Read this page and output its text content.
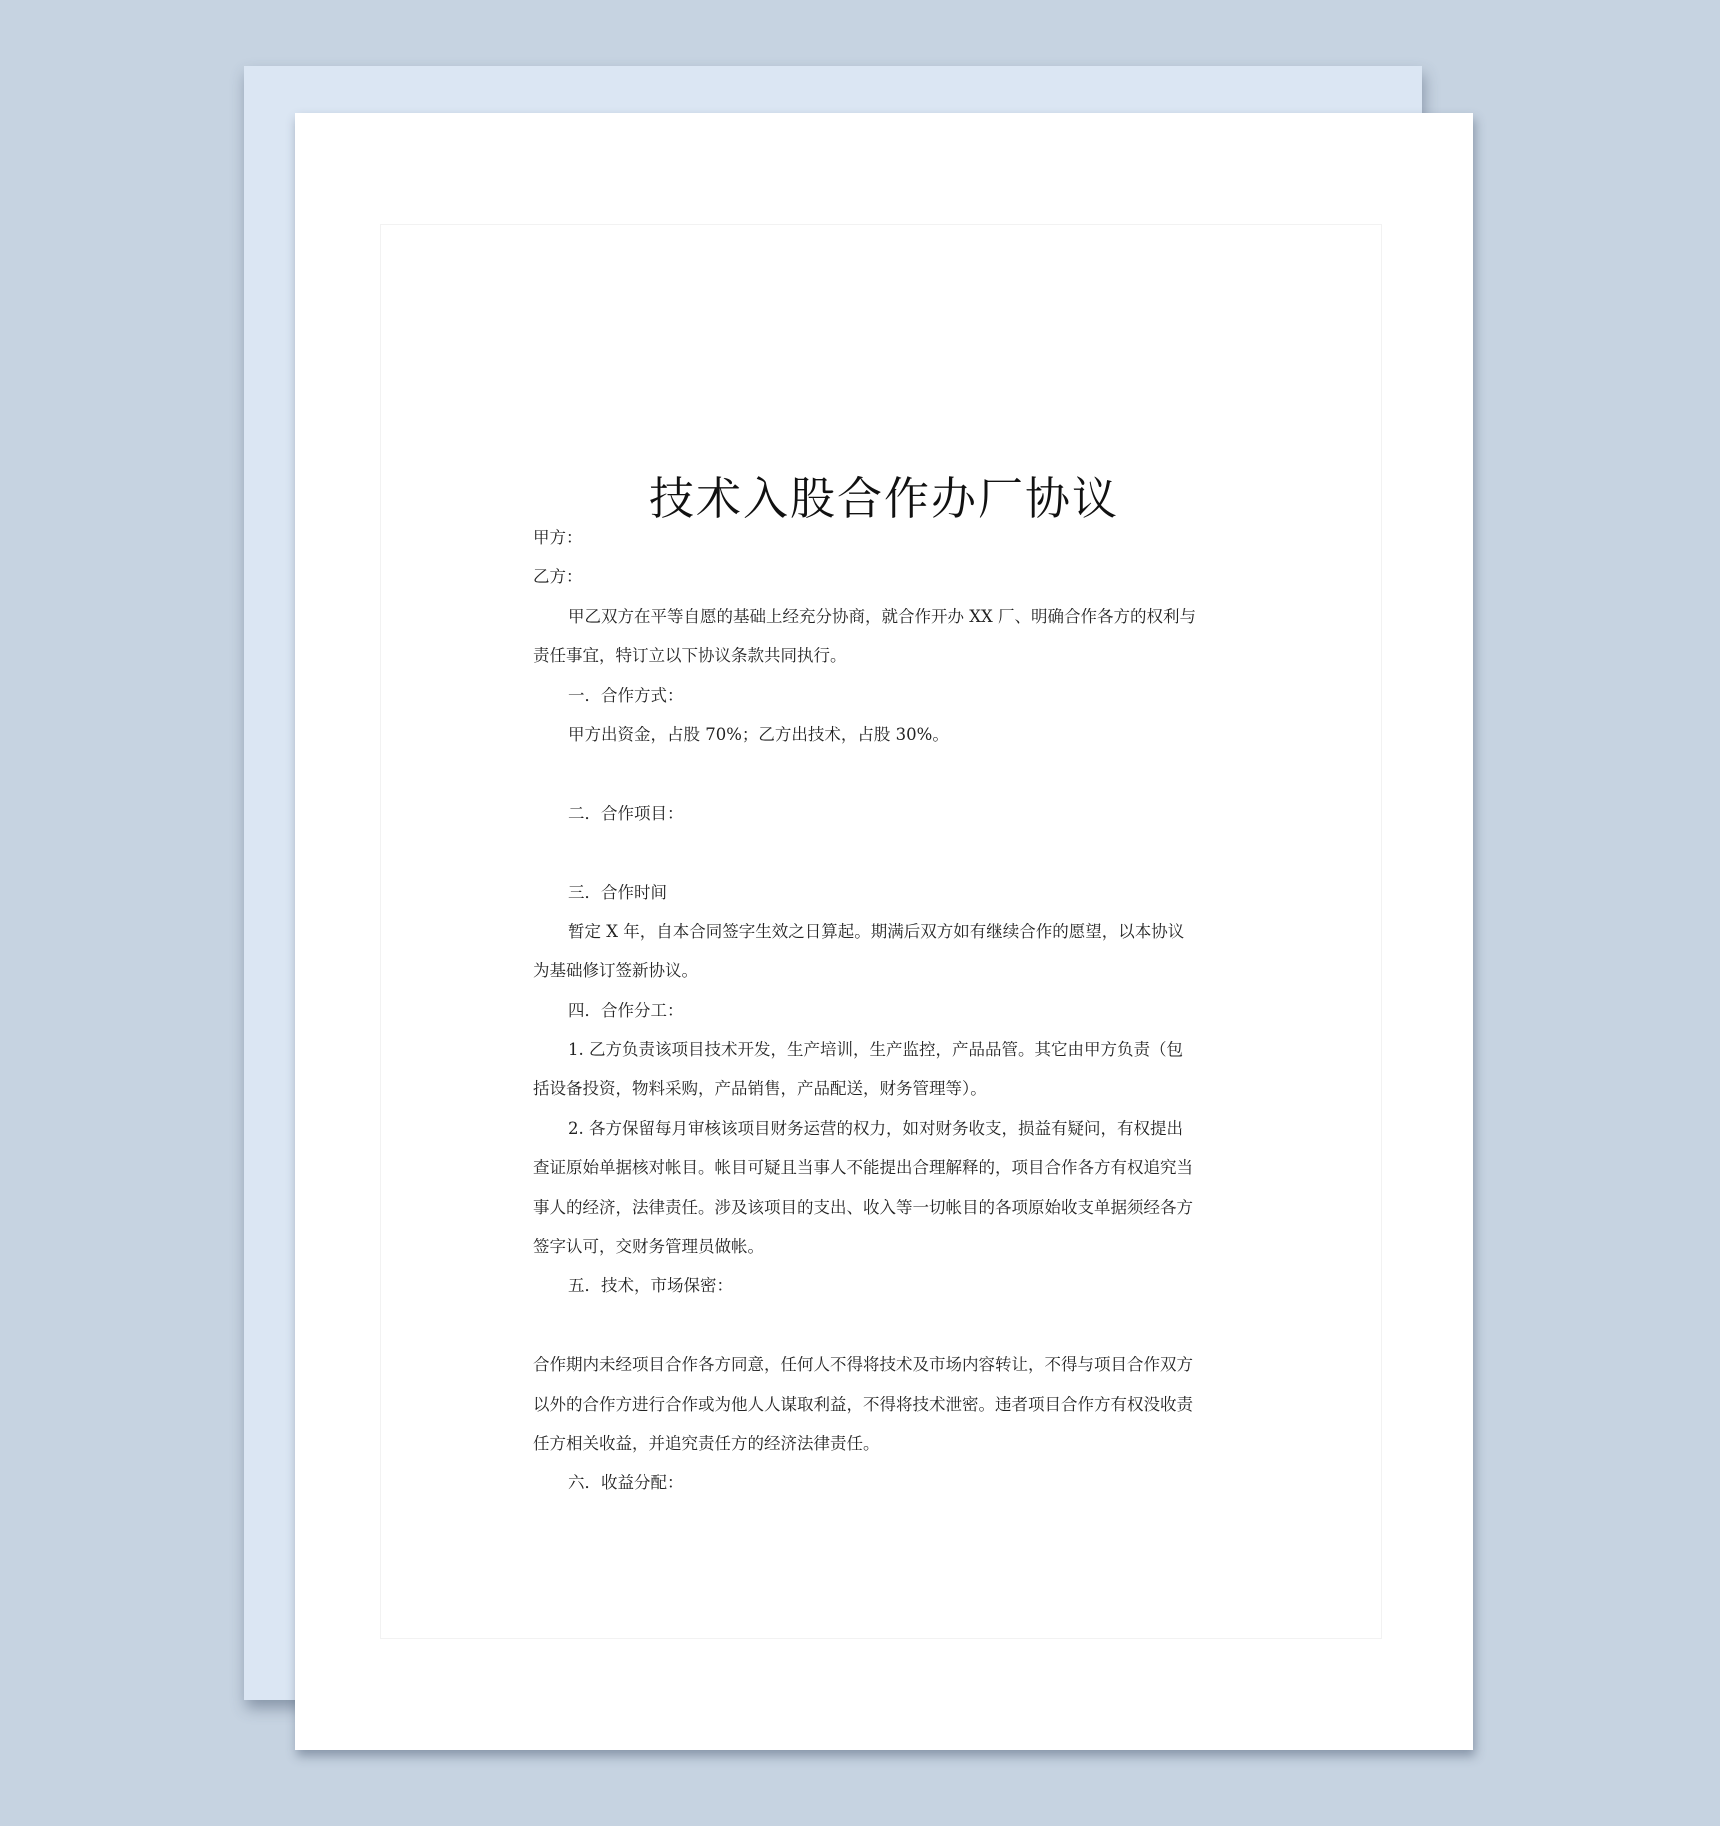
技术入股合作办厂协议
甲方：
乙方：
甲乙双方在平等自愿的基础上经充分协商，就合作开办 XX 厂、明确合作各方的权利与
责任事宜，特订立以下协议条款共同执行。
一．合作方式：
甲方出资金，占股 70%；乙方出技术，占股 30%。
二．合作项目：
三．合作时间
暂定 X 年，自本合同签字生效之日算起。期满后双方如有继续合作的愿望，以本协议
为基础修订签新协议。
四．合作分工：
1. 乙方负责该项目技术开发，生产培训，生产监控，产品品管。其它由甲方负责（包
括设备投资，物料采购，产品销售，产品配送，财务管理等）。
2. 各方保留每月审核该项目财务运营的权力，如对财务收支，损益有疑问，有权提出
查证原始单据核对帐目。帐目可疑且当事人不能提出合理解释的，项目合作各方有权追究当
事人的经济，法律责任。涉及该项目的支出、收入等一切帐目的各项原始收支单据须经各方
签字认可，交财务管理员做帐。
五．技术，市场保密：
合作期内未经项目合作各方同意，任何人不得将技术及市场内容转让，不得与项目合作双方
以外的合作方进行合作或为他人人谋取利益，不得将技术泄密。违者项目合作方有权没收责
任方相关收益，并追究责任方的经济法律责任。
六．收益分配：
